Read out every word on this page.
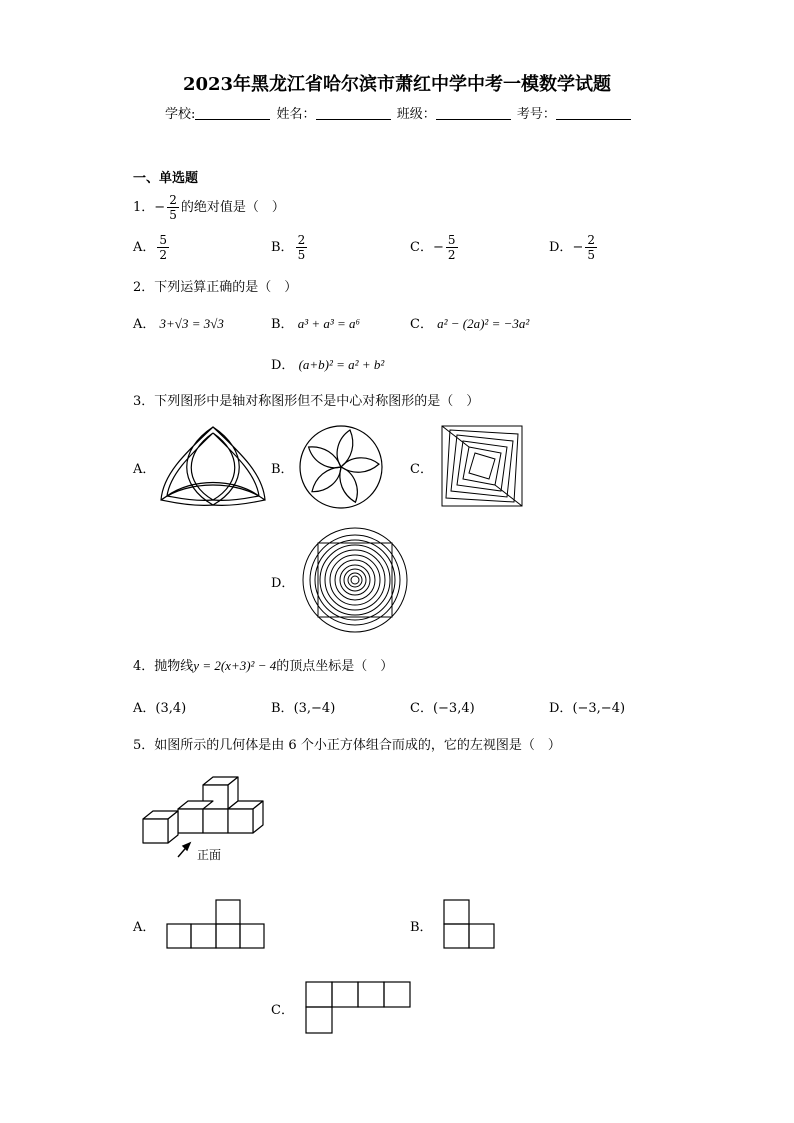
2023年黑龙江省哈尔滨市萧红中学中考一模数学试题
学校:	姓名：	班级：	考号：
一、单选题
1．− $\frac{2}{5}$ 的绝对值是（　）
A． $\frac{5}{2}$	B． $\frac{2}{5}$	C．− $\frac{5}{2}$	D．− $\frac{2}{5}$
2．下列运算正确的是（　）
A． 3+√3 = 3√3	B． a³ + a³ = a⁶	C． a² − (2a)² = −3a²
D． (a+b)² = a² + b²
3．下列图形中是轴对称图形但不是中心对称图形的是（　）
A．	B．	C．
D．
4．抛物线y = 2(x+3)² − 4的顶点坐标是（　）
A．(3,4)	B．(3,−4)	C．(−3,4)	D．(−3,−4)
5．如图所示的几何体是由 6 个小正方体组合而成的，它的左视图是（　）
正面
A．	B．
C．
